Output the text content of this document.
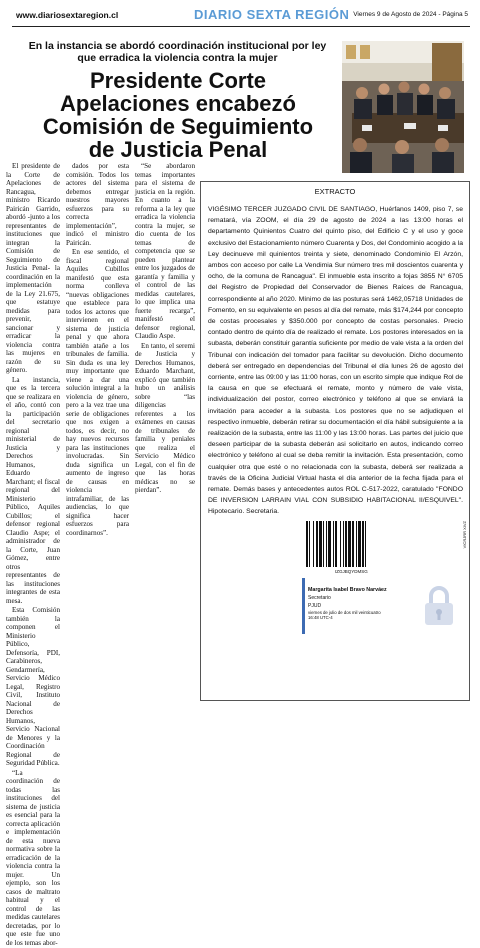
www.diariosextaregion.cl	DIARIO SEXTA REGIÓN Viernes 9 de Agosto de 2024 - Página 5
En la instancia se abordó coordinación institucional por ley que erradica la violencia contra la mujer
Presidente Corte Apelaciones encabezó Comisión de Seguimiento de Justicia Penal

El presidente de la Corte de Apelaciones de Rancagua, ministro Ricardo Pairicán Garrido, abordó -junto a los representantes de instituciones que integran la Comisión de Seguimiento de Justicia Penal- la coordinación en la implementación de la Ley 21.675, que estatuye medidas para prevenir, sancionar y erradicar la violencia contra las mujeres en razón de su género.

La instancia, que es la tercera que se realizara en el año, contó con la participación del secretario regional ministerial de Justicia y Derechos Humanos, Eduardo Marchant; el fiscal regional del Ministerio Público, Aquiles Cubillos; el defensor regional Claudio Aspe; el administrador de la Corte, Juan Gómez, entre otros representantes de las instituciones integrantes de esta mesa.

Esta Comisión también la componen el Ministerio Público, Defensoría, PDI, Carabineros, Gendarmería, Servicio Médico Legal, Registro Civil, Instituto Nacional de Derechos Humanos, Servicio Nacional de Menores y la Coordinación Regional de Seguridad Pública.

“La coordinación de todas las instituciones del sistema de justicia es esencial para la correcta aplicación e implementación de esta nueva normativa sobre la erradicación de la violencia contra la mujer. Un ejemplo, son los casos de maltrato habitual y el control de las medidas cautelares decretadas, por lo que este fue uno de los temas abor-

dados por esta comisión. Todos los actores del sistema debemos entregar nuestros mayores esfuerzos para su correcta implementación”, indicó el ministro Pairicán.

En ese sentido, el fiscal regional Aquiles Cubillos manifestó que esta norma conlleva “nuevas obligaciones que establece para todos los actores que intervienen en el sistema de justicia penal y que ahora también atañe a los tribunales de familia. Sin duda es una ley muy importante que viene a dar una solución integral a la violencia de género, pero a la vez trae una serie de obligaciones que nos exigen a todos, es decir, no hay nuevos recursos para las instituciones involucradas. Sin duda significa un aumento de ingreso de causas en violencia intrafamiliar, de las audiencias, lo que significa hacer esfuerzos para coordinarnos”.

“Se abordaron temas importantes para el sistema de justicia en la región. En cuanto a la reforma a la ley que erradica la violencia contra la mujer, se dio cuenta de los temas de competencia que se pueden plantear entre los juzgados de garantía y familia y el control de las medidas cautelares, lo que implica una fuerte recarga”, manifestó el defensor regional, Claudio Aspe.

En tanto, el seremi de Justicia y Derechos Humanos, Eduardo Marchant, explicó que también hubo un análisis sobre “las diligencias referentes a los exámenes en causas de tribunales de familia y peniales que realiza el Servicio Médico Legal, con el fin de que las horas médicas no se pierdan”.

EXTRACTO
VIGÉSIMO TERCER JUZGADO CIVIL DE SANTIAGO, Huérfanos 1409, piso 7, se rematará, vía ZOOM, el día 29 de agosto de 2024 a las 13:00 horas el departamento Quinientos Cuatro del quinto piso, del Edificio C y el uso y goce exclusivo del Estacionamiento número Cuarenta y Dos, del Condominio acogido a la Ley decinueve mil quinientos treinta y siete, denominado Condominio El Arzón, ambos con acceso por calle La Vendimia Sur número tres mil doscientos cuarenta y ocho, de la comuna de Rancagua". El inmueble esta inscrito a fojas 3855 N° 6705 del Registro de Propiedad del Conservador de Bienes Raíces de Rancagua, correspondiente al año 2020. Mínimo de las posturas será 1462,05718 Unidades de Fomento, en su equivalente en pesos al día del remate, más $174,244 por concepto de costas procesales y $350.000 por concepto de costas personales. Precio contado dentro de quinto día de realizado el remate. Los postores interesados en la subasta, deberán constituir garantía suficiente por medio de vale vista a la orden del Tribunal con indicación del tomador para facilitar su devolución. Dicho documento deberá ser entregado en dependencias del Tribunal el día lunes 26 de agosto del corriente, entre las 09:00 y las 11:00 horas, con un escrito simple que indique Rol de la causa en que se efectuará el remate, monto y número de vale vista, individualización del postor, correo electrónico y teléfono al que se enviará la invitación para acceder a la subasta. Los postores que no se adjudiquen el respectivo inmueble, deberán retirar su documentación el día hábil subsiguiente a la realización de la subasta, entre las 11:00 y las 13:00 horas. Las partes del juicio que deseen participar de la subasta deberán asi solicitarlo en autos, indicando correo electrónico y teléfono al cual se deba remitir la invitación. Esta presentación, como cualquier otra que esté o no relacionada con la subasta, deberá ser realizada a través de la Oficina Judicial Virtual hasta el día anterior de la fecha fijada para el remate. Demás bases y antecedentes autos ROL C-517-2022, caratulado "FONDO DE INVERSION LARRAIN VIAL CON SUBSIDIO HABITACIONAL II/ESQUIVEL". Hipotecario. Secretaria.
IZGJBQYDMSG
VICRJRR XIVZ
Margarita Isabel Bravo Narváez
Secretario
PJUD
viernes de julio de dos mil veinticuatro 16:48 UTC-4
